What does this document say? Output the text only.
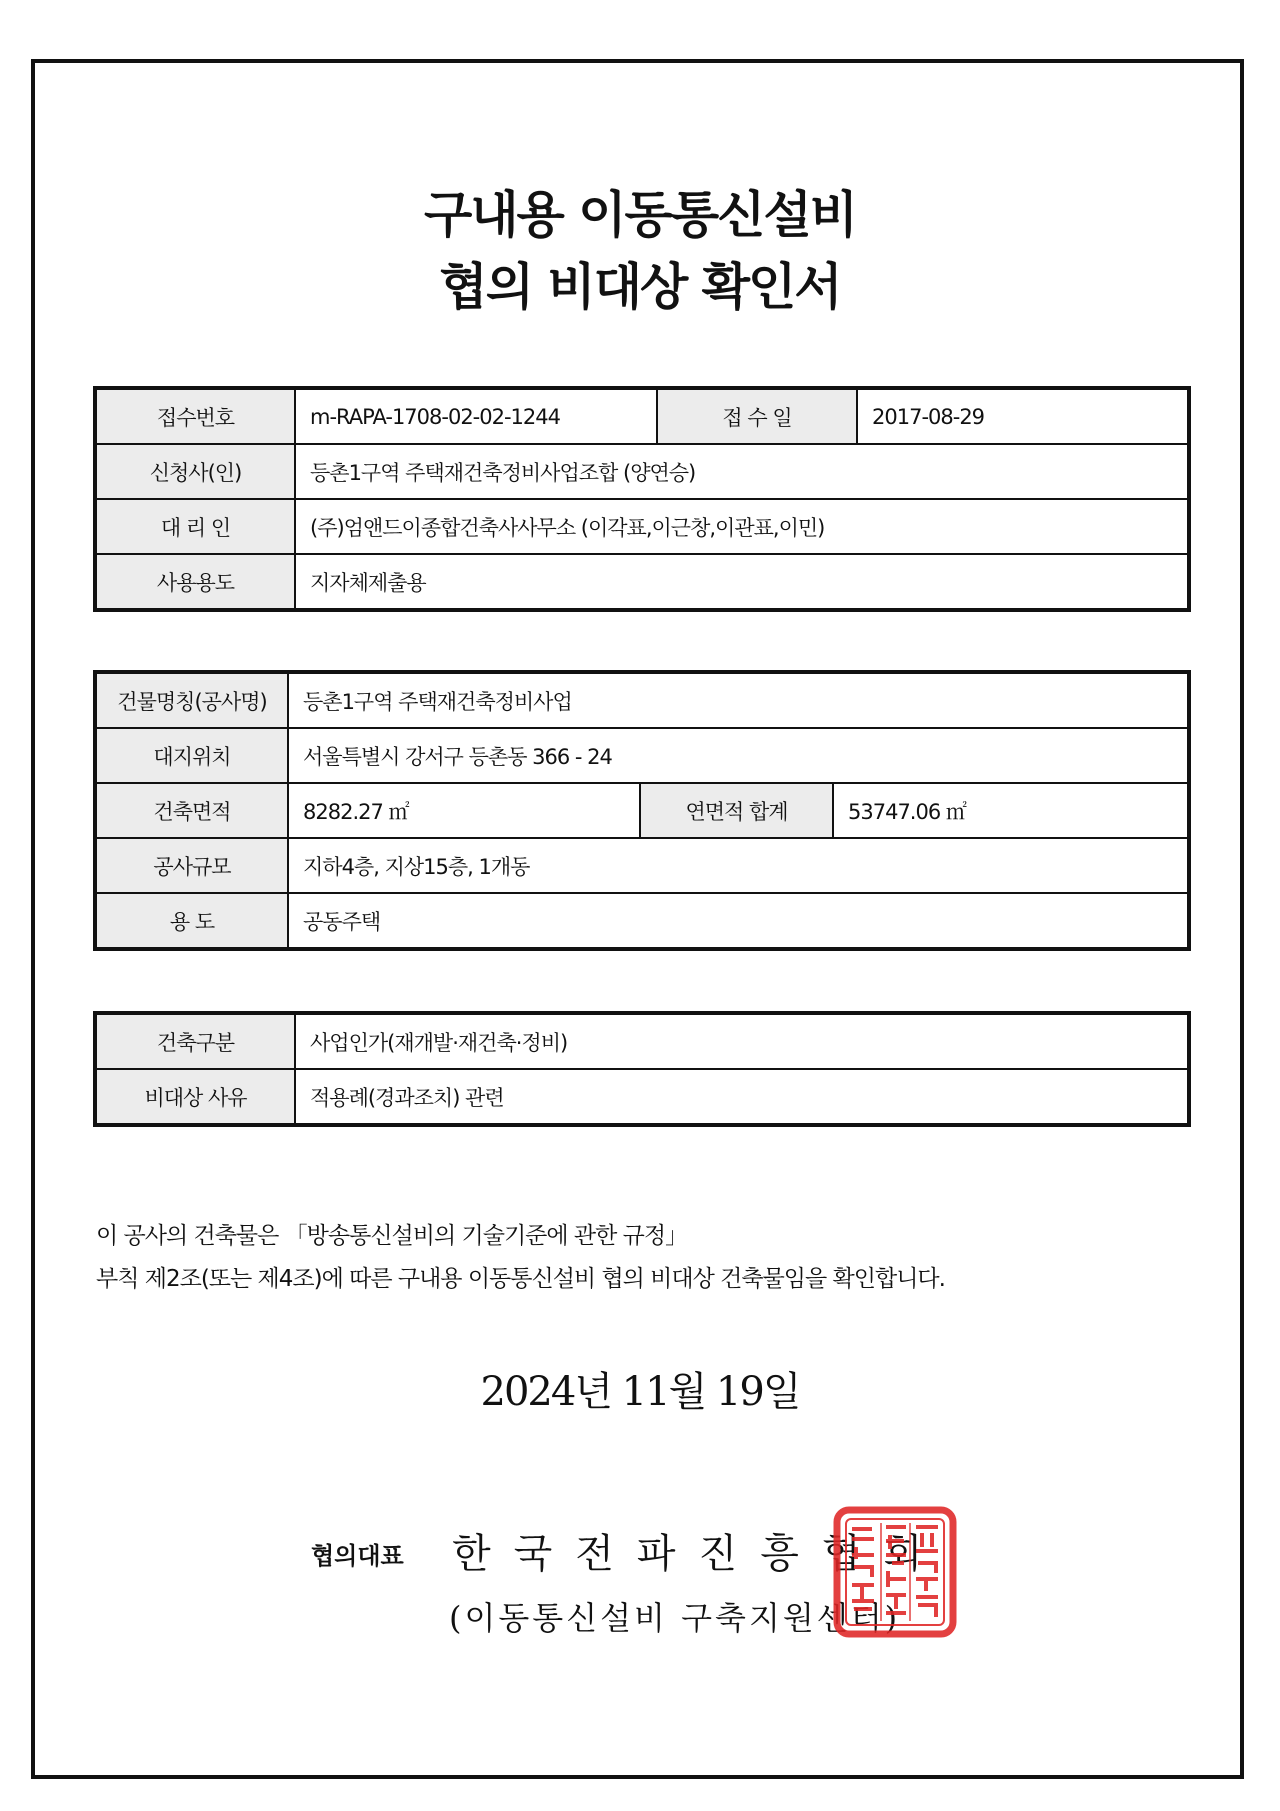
구내용 이동통신설비
협의 비대상 확인서
접수번호	m-RAPA-1708-02-02-1244	접 수 일	2017-08-29
신청사(인)	등촌1구역 주택재건축정비사업조합 (양연승)		
대 리 인	(주)엄앤드이종합건축사사무소 (이각표,이근창,이관표,이민)		
사용용도	지자체제출용		
건물명칭(공사명)	등촌1구역 주택재건축정비사업		
대지위치	서울특별시 강서구 등촌동 366 - 24		
건축면적	8282.27 ㎡	연면적 합계	53747.06 ㎡
공사규모	지하4층, 지상15층, 1개동		
용 도	공동주택		
건축구분	사업인가(재개발·재건축·정비)
비대상 사유	적용례(경과조치) 관련
이 공사의 건축물은 「방송통신설비의 기술기준에 관한 규정」
부칙 제2조(또는 제4조)에 따른 구내용 이동통신설비 협의 비대상 건축물임을 확인합니다.
2024년 11월 19일
협의대표 한국전파진흥협회
(이동통신설비 구축지원센터)
